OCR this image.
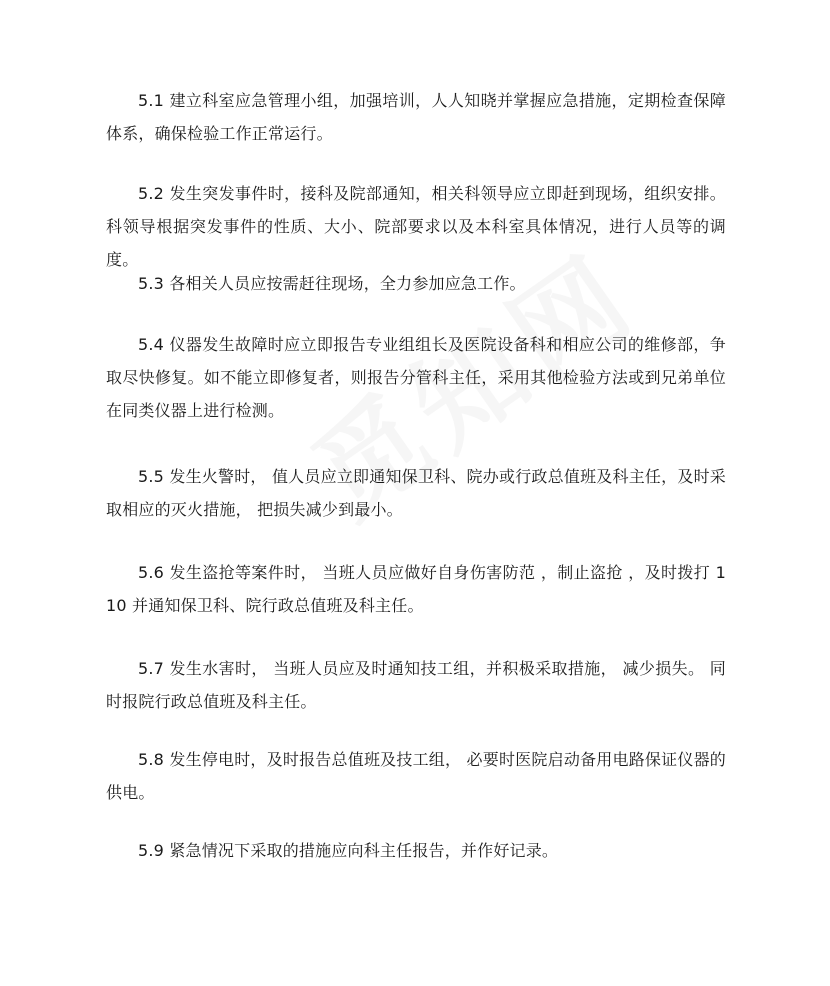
5.1 建立科室应急管理小组，加强培训，人人知晓并掌握应急措施，定期检查保障体系，确保检验工作正常运行。

5.2 发生突发事件时，接科及院部通知，相关科领导应立即赶到现场，组织安排。科领导根据突发事件的性质、大小、院部要求以及本科室具体情况，进行人员等的调度。

5.3 各相关人员应按需赶往现场，全力参加应急工作。

5.4 仪器发生故障时应立即报告专业组组长及医院设备科和相应公司的维修部，争取尽快修复。如不能立即修复者，则报告分管科主任，采用其他检验方法或到兄弟单位在同类仪器上进行检测。

5.5 发生火警时， 值人员应立即通知保卫科、院办或行政总值班及科主任，及时采取相应的灭火措施， 把损失减少到最小。

5.6 发生盗抢等案件时， 当班人员应做好自身伤害防范 ，制止盗抢 ，及时拨打 110 并通知保卫科、院行政总值班及科主任。

5.7 发生水害时， 当班人员应及时通知技工组，并积极采取措施， 减少损失。 同时报院行政总值班及科主任。

5.8 发生停电时，及时报告总值班及技工组， 必要时医院启动备用电路保证仪器的供电。

5.9 紧急情况下采取的措施应向科主任报告，并作好记录。
